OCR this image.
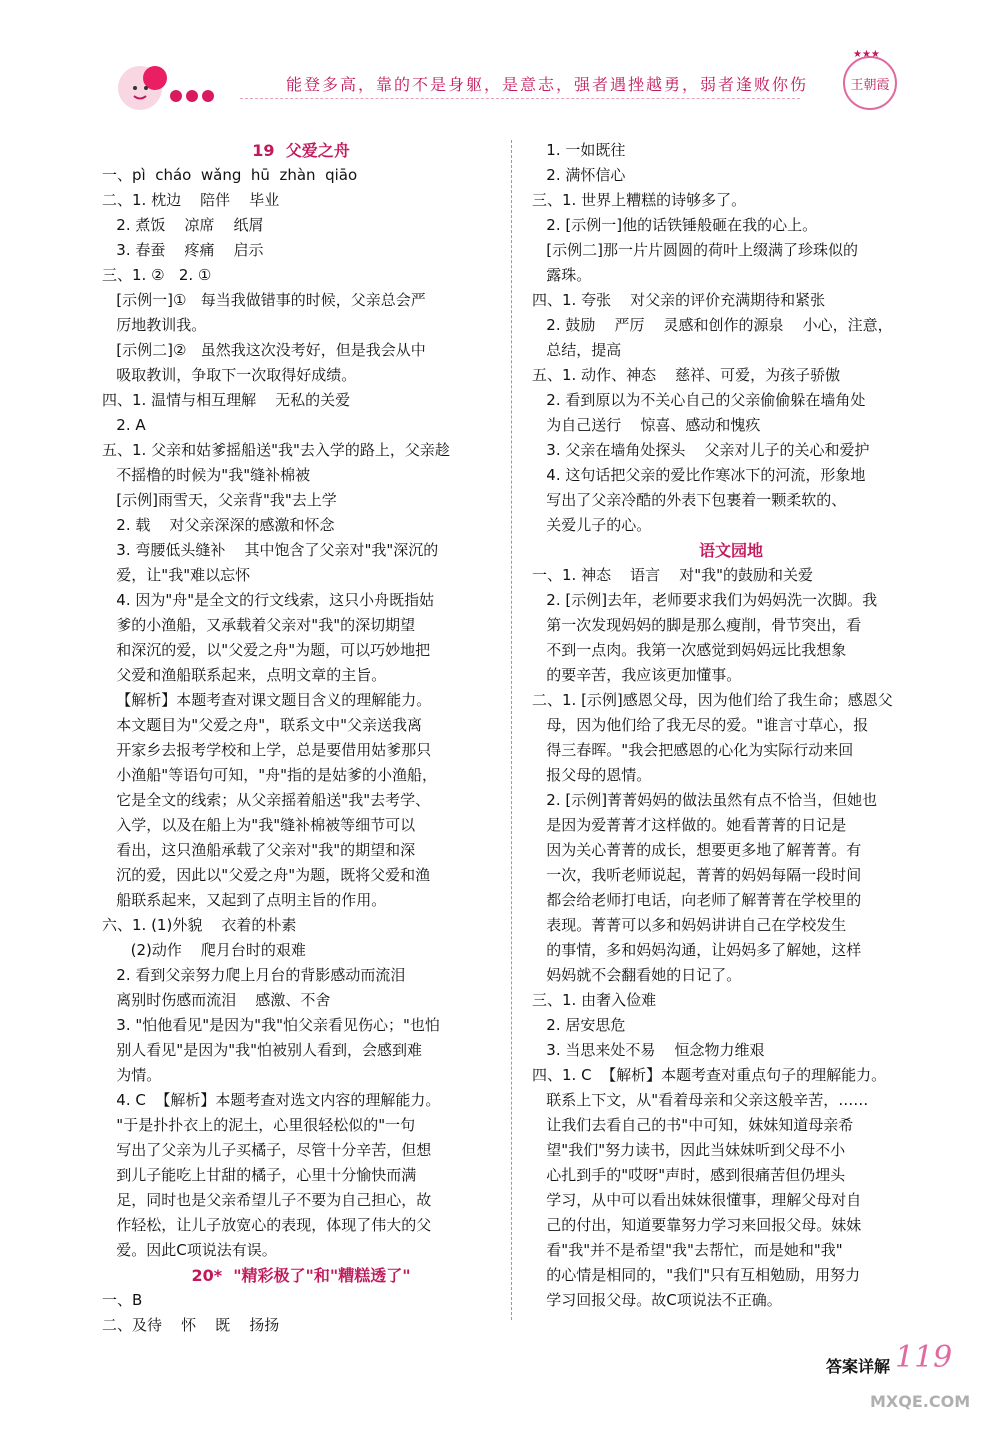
能登多高，靠的不是身躯，是意志，强者遇挫越勇，弱者逢败你伤
★★★
王朝霞
19  父爱之舟
一、pì  cháo  wǎng  hū  zhàn  qiāo
二、1. 枕边    陪伴    毕业
2. 煮饭    凉席    纸屑
3. 春蚕    疼痛    启示
三、1. ②   2. ①
[示例一]①   每当我做错事的时候，父亲总会严
厉地教训我。
[示例二]②   虽然我这次没考好，但是我会从中
吸取教训，争取下一次取得好成绩。
四、1. 温情与相互理解    无私的关爱
2. A
五、1. 父亲和姑爹摇船送"我"去入学的路上，父亲趁
不摇橹的时候为"我"缝补棉被
[示例]雨雪天，父亲背"我"去上学
2. 载    对父亲深深的感激和怀念
3. 弯腰低头缝补    其中饱含了父亲对"我"深沉的
爱，让"我"难以忘怀
4. 因为"舟"是全文的行文线索，这只小舟既指姑
爹的小渔船，又承载着父亲对"我"的深切期望
和深沉的爱，以"父爱之舟"为题，可以巧妙地把
父爱和渔船联系起来，点明文章的主旨。
【解析】本题考查对课文题目含义的理解能力。
本文题目为"父爱之舟"，联系文中"父亲送我离
开家乡去报考学校和上学，总是要借用姑爹那只
小渔船"等语句可知，"舟"指的是姑爹的小渔船，
它是全文的线索；从父亲摇着船送"我"去考学、
入学，以及在船上为"我"缝补棉被等细节可以
看出，这只渔船承载了父亲对"我"的期望和深
沉的爱，因此以"父爱之舟"为题，既将父爱和渔
船联系起来，又起到了点明主旨的作用。
六、1. (1)外貌    衣着的朴素
(2)动作    爬月台时的艰难
2. 看到父亲努力爬上月台的背影感动而流泪
离别时伤感而流泪    感激、不舍
3. "怕他看见"是因为"我"怕父亲看见伤心；"也怕
别人看见"是因为"我"怕被别人看到，会感到难
为情。
4. C  【解析】本题考查对选文内容的理解能力。
"于是扑扑衣上的泥土，心里很轻松似的"一句
写出了父亲为儿子买橘子，尽管十分辛苦，但想
到儿子能吃上甘甜的橘子，心里十分愉快而满
足，同时也是父亲希望儿子不要为自己担心，故
作轻松，让儿子放宽心的表现，体现了伟大的父
爱。因此C项说法有误。
20*  "精彩极了"和"糟糕透了"
一、B
二、及待    怀    既    扬扬
1. 一如既往
2. 满怀信心
三、1. 世界上糟糕的诗够多了。
2. [示例一]他的话铁锤般砸在我的心上。
[示例二]那一片片圆圆的荷叶上缀满了珍珠似的
露珠。
四、1. 夸张    对父亲的评价充满期待和紧张
2. 鼓励    严厉    灵感和创作的源泉    小心，注意，
总结，提高
五、1. 动作、神态    慈祥、可爱，为孩子骄傲
2. 看到原以为不关心自己的父亲偷偷躲在墙角处
为自己送行    惊喜、感动和愧疚
3. 父亲在墙角处探头    父亲对儿子的关心和爱护
4. 这句话把父亲的爱比作寒冰下的河流，形象地
写出了父亲冷酷的外表下包裹着一颗柔软的、
关爱儿子的心。
语文园地
一、1. 神态    语言    对"我"的鼓励和关爱
2. [示例]去年，老师要求我们为妈妈洗一次脚。我
第一次发现妈妈的脚是那么瘦削，骨节突出，看
不到一点肉。我第一次感觉到妈妈远比我想象
的要辛苦，我应该更加懂事。
二、1. [示例]感恩父母，因为他们给了我生命；感恩父
母，因为他们给了我无尽的爱。"谁言寸草心，报
得三春晖。"我会把感恩的心化为实际行动来回
报父母的恩情。
2. [示例]菁菁妈妈的做法虽然有点不恰当，但她也
是因为爱菁菁才这样做的。她看菁菁的日记是
因为关心菁菁的成长，想要更多地了解菁菁。有
一次，我听老师说起，菁菁的妈妈每隔一段时间
都会给老师打电话，向老师了解菁菁在学校里的
表现。菁菁可以多和妈妈讲讲自己在学校发生
的事情，多和妈妈沟通，让妈妈多了解她，这样
妈妈就不会翻看她的日记了。
三、1. 由奢入俭难
2. 居安思危
3. 当思来处不易    恒念物力维艰
四、1. C  【解析】本题考查对重点句子的理解能力。
联系上下文，从"看着母亲和父亲这般辛苦，……
让我们去看自己的书"中可知，妹妹知道母亲希
望"我们"努力读书，因此当妹妹听到父母不小
心扎到手的"哎呀"声时，感到很痛苦但仍埋头
学习，从中可以看出妹妹很懂事，理解父母对自
己的付出，知道要靠努力学习来回报父母。妹妹
看"我"并不是希望"我"去帮忙，而是她和"我"
的心情是相同的，"我们"只有互相勉励，用努力
学习回报父母。故C项说法不正确。
答案详解 119
MXQE.COM
